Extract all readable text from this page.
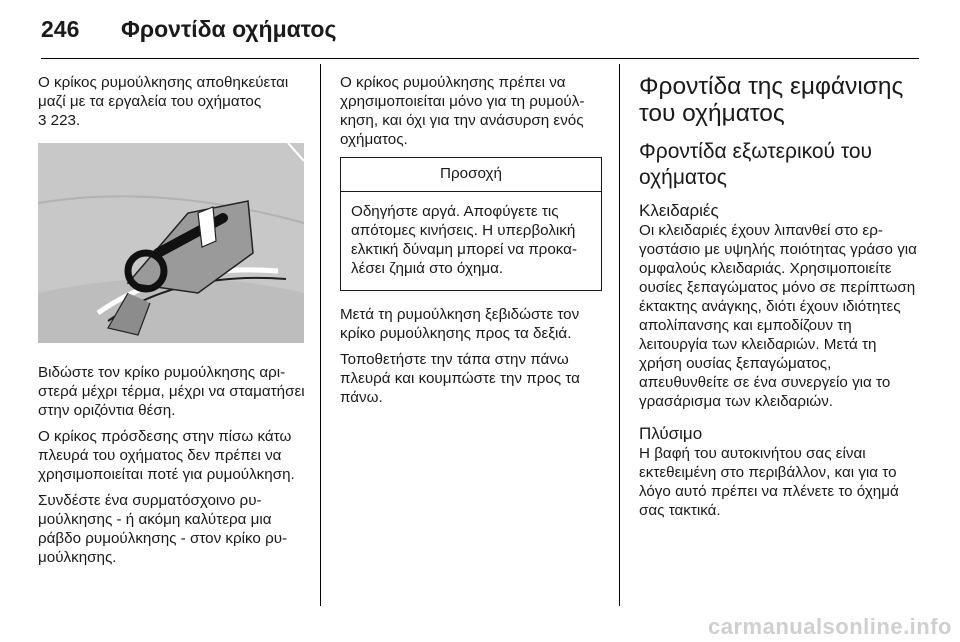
246	Φροντίδα οχήματος

Ο κρίκος ρυμούλκησης αποθηκεύεται μαζί με τα εργαλεία του οχήματος
3 223.

Βιδώστε τον κρίκο ρυμούλκησης αριστερά μέχρι τέρμα, μέχρι να σταματήσει στην οριζόντια θέση.

Ο κρίκος πρόσδεσης στην πίσω κάτω πλευρά του οχήματος δεν πρέπει να χρησιμοποιείται ποτέ για ρυμούλκηση.

Συνδέστε ένα συρματόσχοινο ρυμούλκησης - ή ακόμη καλύτερα μια ράβδο ρυμούλκησης - στον κρίκο ρυμούλκησης.

Ο κρίκος ρυμούλκησης πρέπει να χρησιμοποιείται μόνο για τη ρυμούλκηση, και όχι για την ανάσυρση ενός οχήματος.

Προσοχή
Οδηγήστε αργά. Αποφύγετε τις απότομες κινήσεις. Η υπερβολική ελκτική δύναμη μπορεί να προκαλέσει ζημιά στο όχημα.

Μετά τη ρυμούλκηση ξεβιδώστε τον κρίκο ρυμούλκησης προς τα δεξιά.

Τοποθετήστε την τάπα στην πάνω πλευρά και κουμπώστε την προς τα πάνω.

Φροντίδα της εμφάνισης του οχήματος
Φροντίδα εξωτερικού του οχήματος
Κλειδαριές
Οι κλειδαριές έχουν λιπανθεί στο εργοστάσιο με υψηλής ποιότητας γράσο για ομφαλούς κλειδαριάς. Χρησιμοποιείτε ουσίες ξεπαγώματος μόνο σε περίπτωση έκτακτης ανάγκης, διότι έχουν ιδιότητες απολίπανσης και εμποδίζουν τη λειτουργία των κλειδαριών. Μετά τη χρήση ουσίας ξεπαγώματος, απευθυνθείτε σε ένα συνεργείο για το γρασάρισμα των κλειδαριών.
Πλύσιμο
Η βαφή του αυτοκινήτου σας είναι εκτεθειμένη στο περιβάλλον, και για το λόγο αυτό πρέπει να πλένετε το όχημά σας τακτικά.
carmanualsonline.info
